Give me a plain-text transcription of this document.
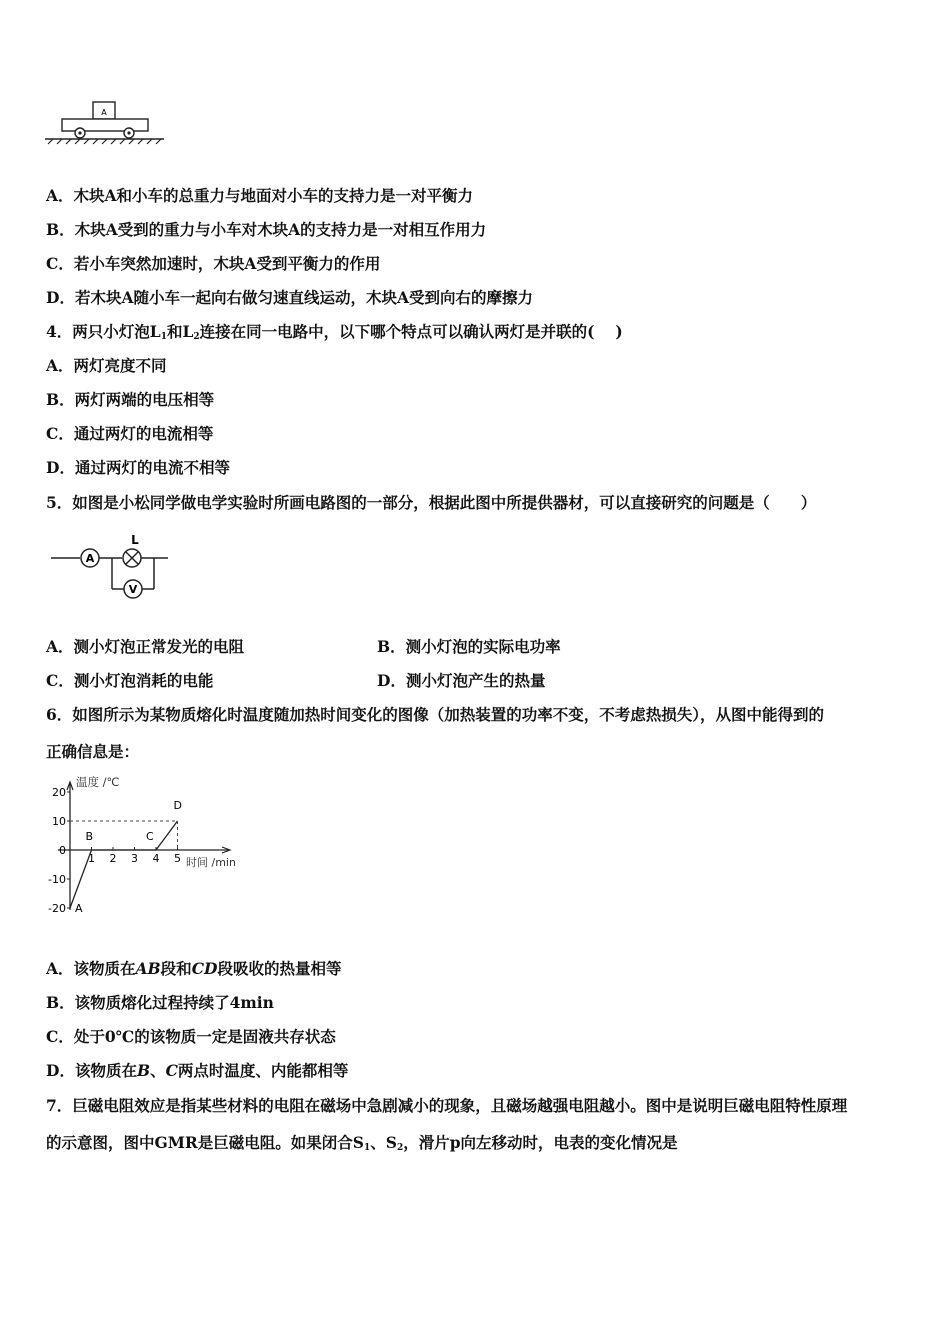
A
A．木块A和小车的总重力与地面对小车的支持力是一对平衡力
B．木块A受到的重力与小车对木块A的支持力是一对相互作用力
C．若小车突然加速时，木块A受到平衡力的作用
D．若木块A随小车一起向右做匀速直线运动，木块A受到向右的摩擦力
4．两只小灯泡$L_1$和$L_2$连接在同一电路中，以下哪个特点可以确认两灯是并联的(　 )
A．两灯亮度不同
B．两灯两端的电压相等
C．通过两灯的电流相等
D．通过两灯的电流不相等
5．如图是小松同学做电学实验时所画电路图的一部分，根据此图中所提供器材，可以直接研究的问题是（　　）
A
L
V
A．测小灯泡正常发光的电阻	B．测小灯泡的实际电功率
C．测小灯泡消耗的电能	D．测小灯泡产生的热量
6．如图所示为某物质熔化时温度随加热时间变化的图像（加热装置的功率不变，不考虑热损失），从图中能得到的
正确信息是：
温度 /℃
时间 /min
20
10
0
-10
-20
1 2 3 4 5
A
B	C
D
A．该物质在AB段和CD段吸收的热量相等
B．该物质熔化过程持续了4min
C．处于0℃的该物质一定是固液共存状态
D．该物质在B、C两点时温度、内能都相等
7．巨磁电阻效应是指某些材料的电阻在磁场中急剧减小的现象，且磁场越强电阻越小。图中是说明巨磁电阻特性原理
的示意图，图中GMR是巨磁电阻。如果闭合$S_1$、$S_2$，滑片p向左移动时，电表的变化情况是
